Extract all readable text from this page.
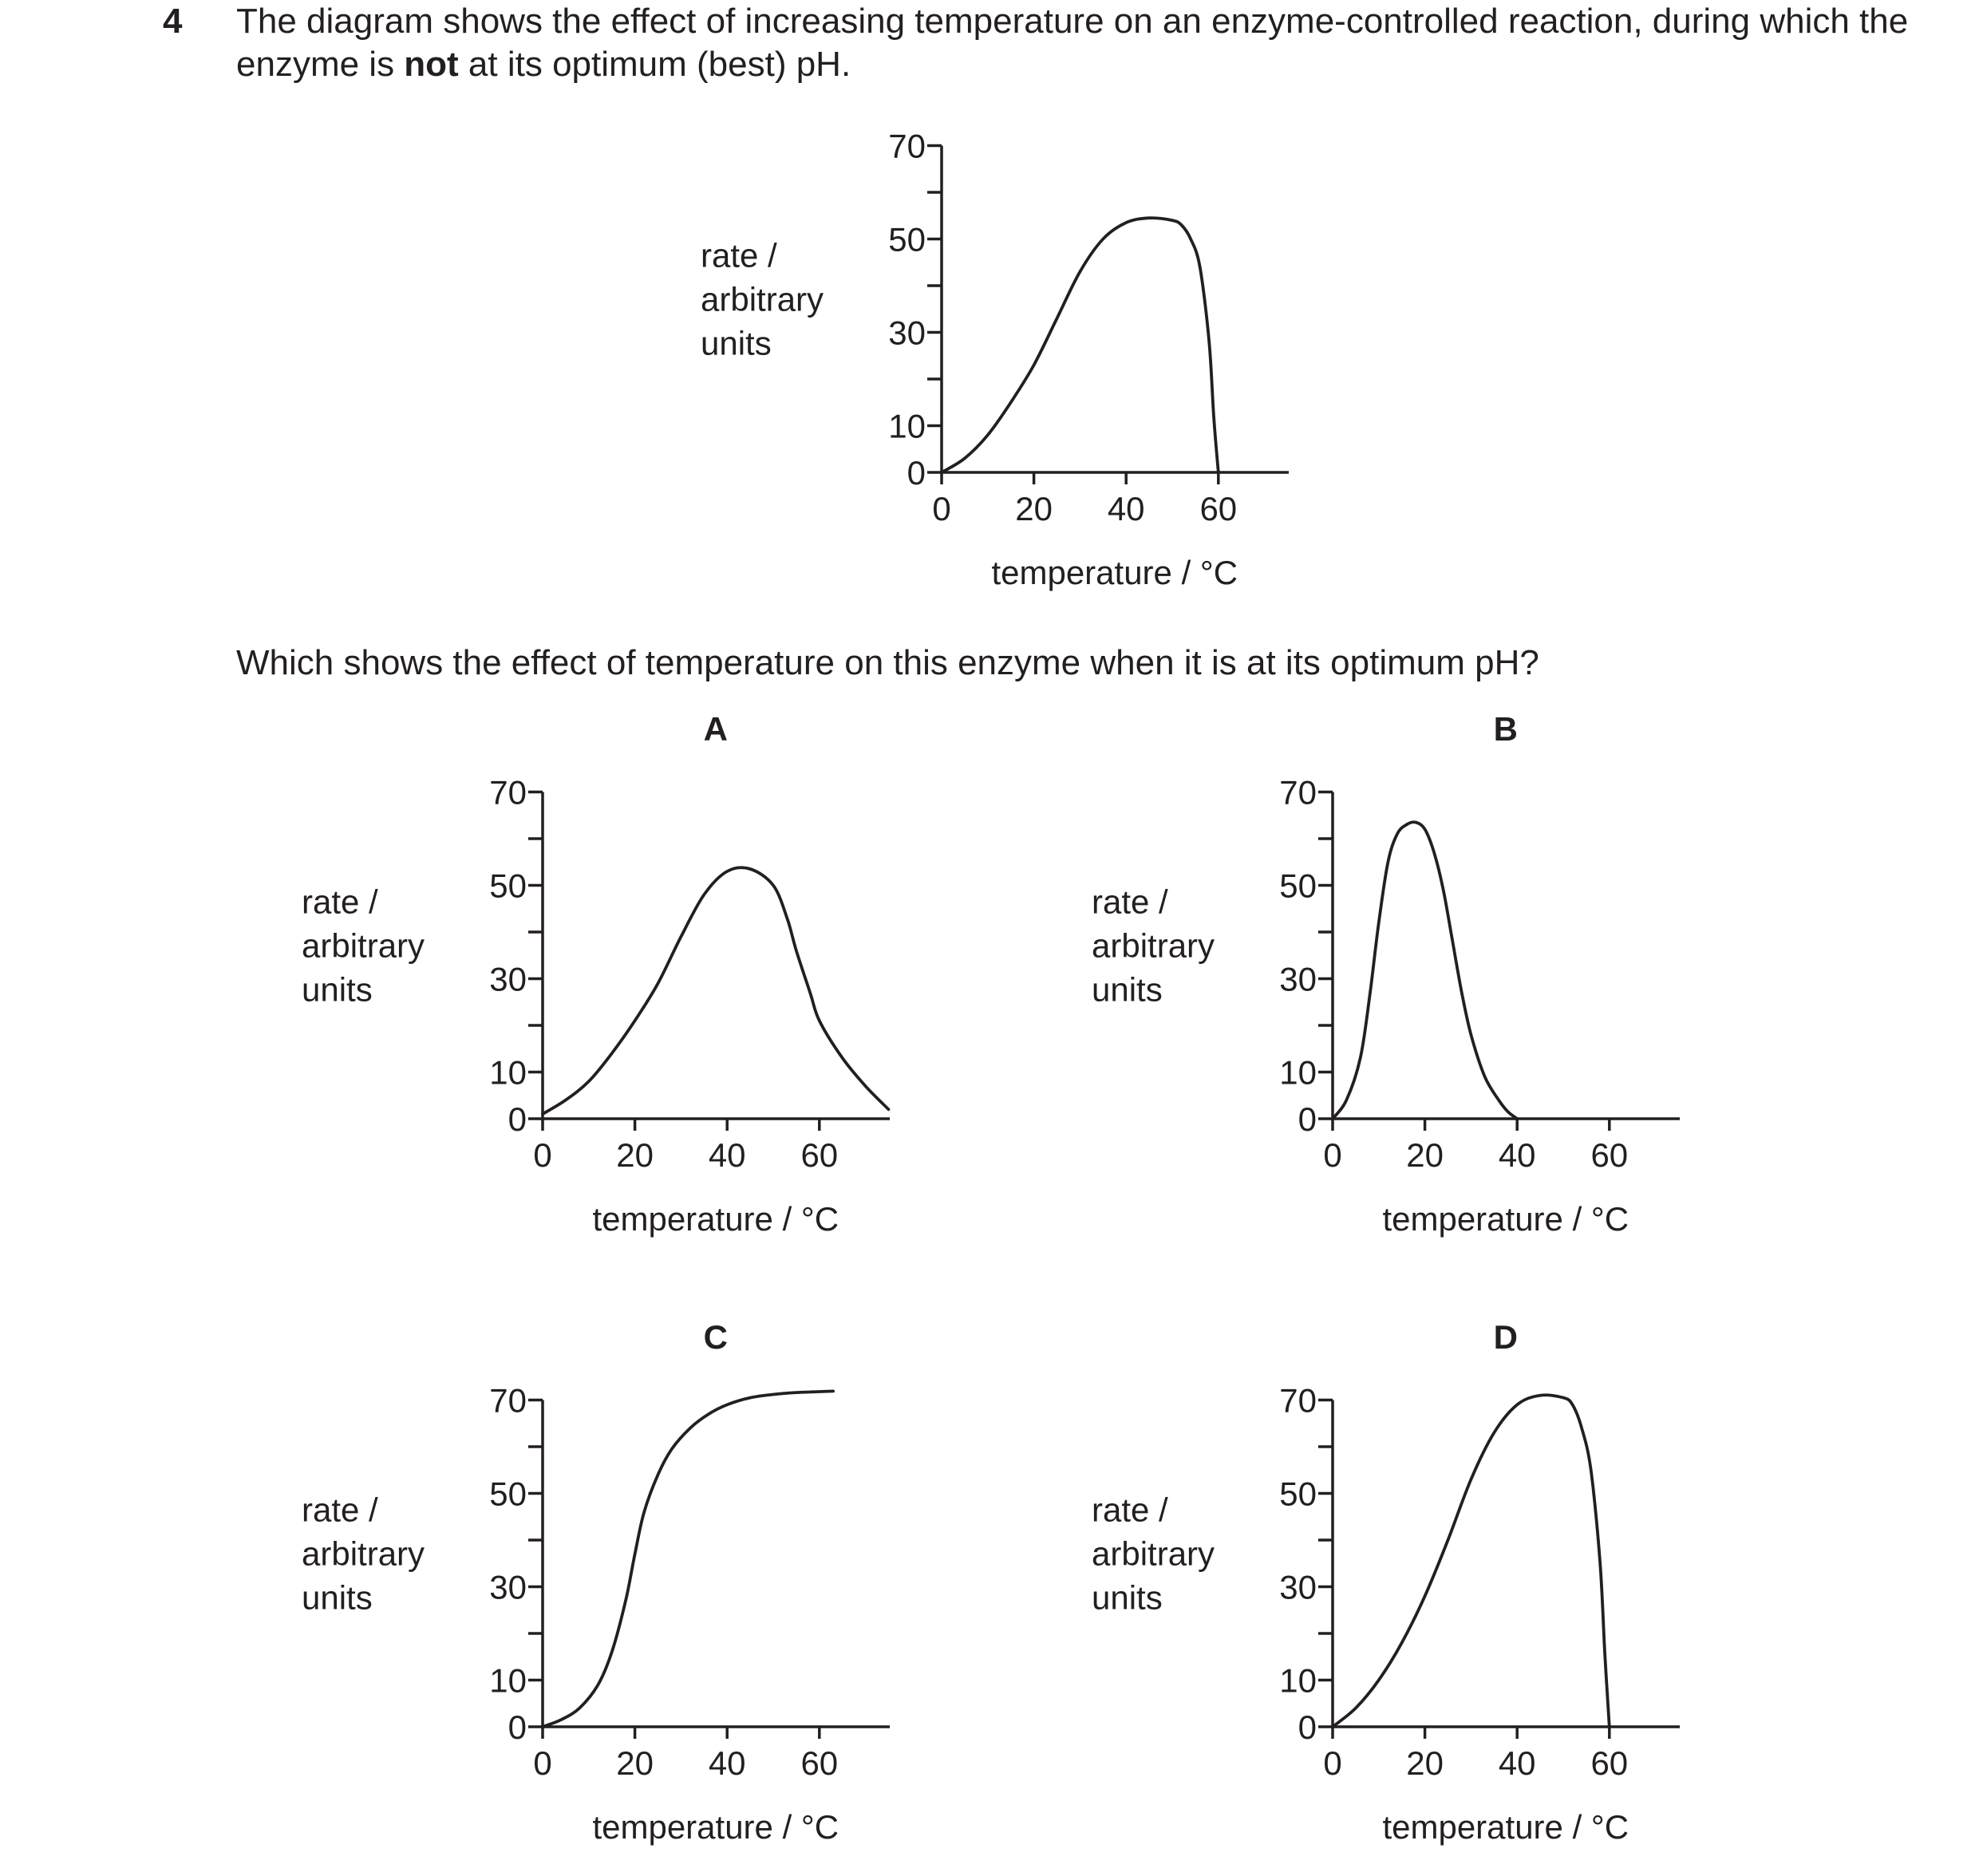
4 The diagram shows the effect of increasing temperature on an enzyme-controlled reaction, during which the enzyme is not at its optimum (best) pH.
0
10
30
50
70
0 20 40 60
temperature / °C
rate /
arbitrary
units
Which shows the effect of temperature on this enzyme when it is at its optimum pH?
A
0
10
30
50
70
0 20 40 60
temperature / °C
rate /
arbitrary
units
B
0
10
30
50
70
0 20 40 60
temperature / °C
rate /
arbitrary
units
C
0
10
30
50
70
0 20 40 60
temperature / °C
rate /
arbitrary
units
D
0
10
30
50
70
0 20 40 60
temperature / °C
rate /
arbitrary
units
